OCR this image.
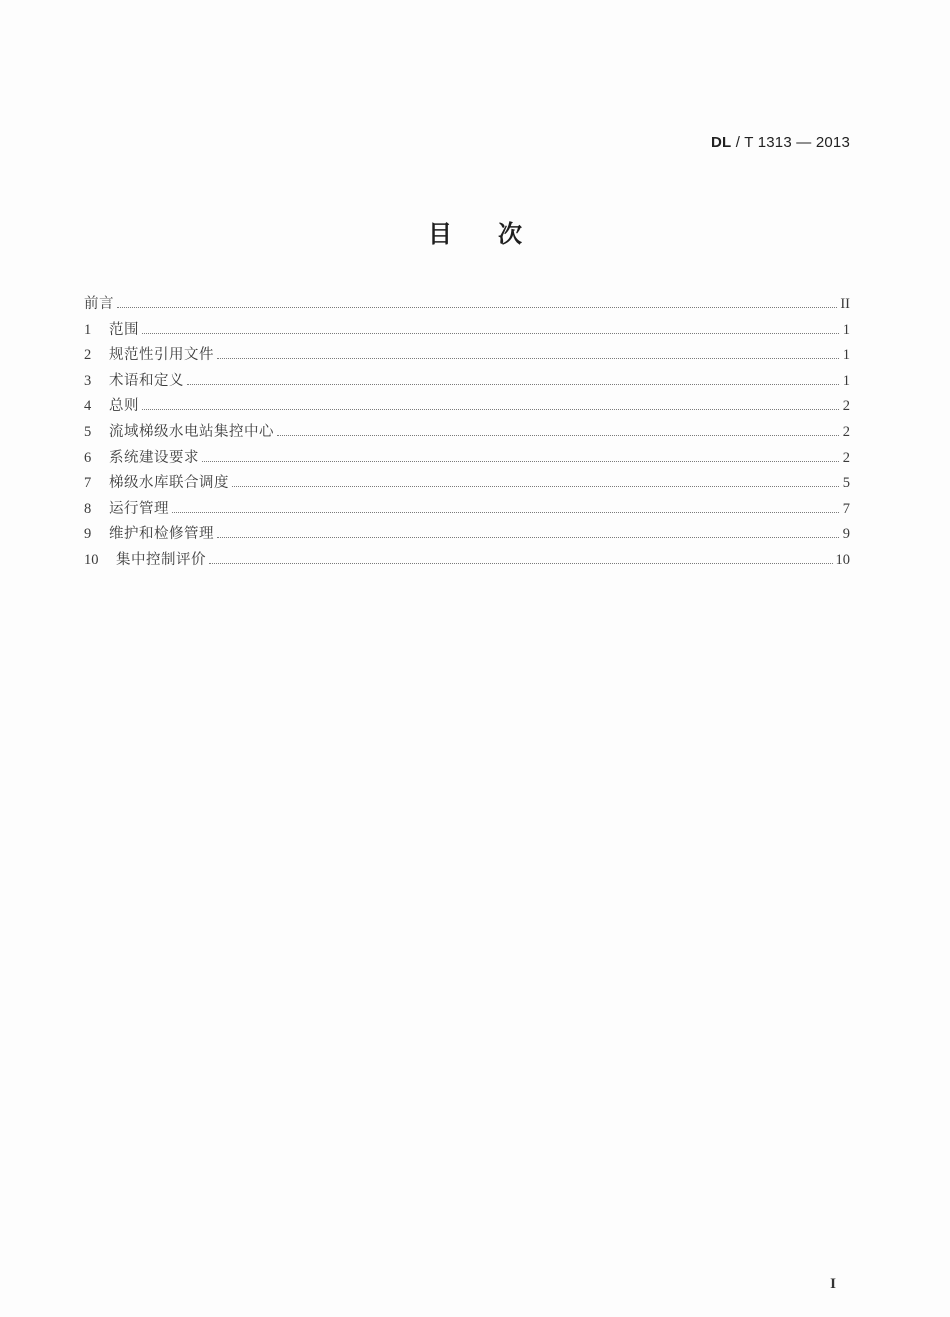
DL / T 1313 — 2013
目次
前言	II
1	范围	1
2	规范性引用文件	1
3	术语和定义	1
4	总则	2
5	流域梯级水电站集控中心	2
6	系统建设要求	2
7	梯级水库联合调度	5
8	运行管理	7
9	维护和检修管理	9
10	集中控制评价	10
I
